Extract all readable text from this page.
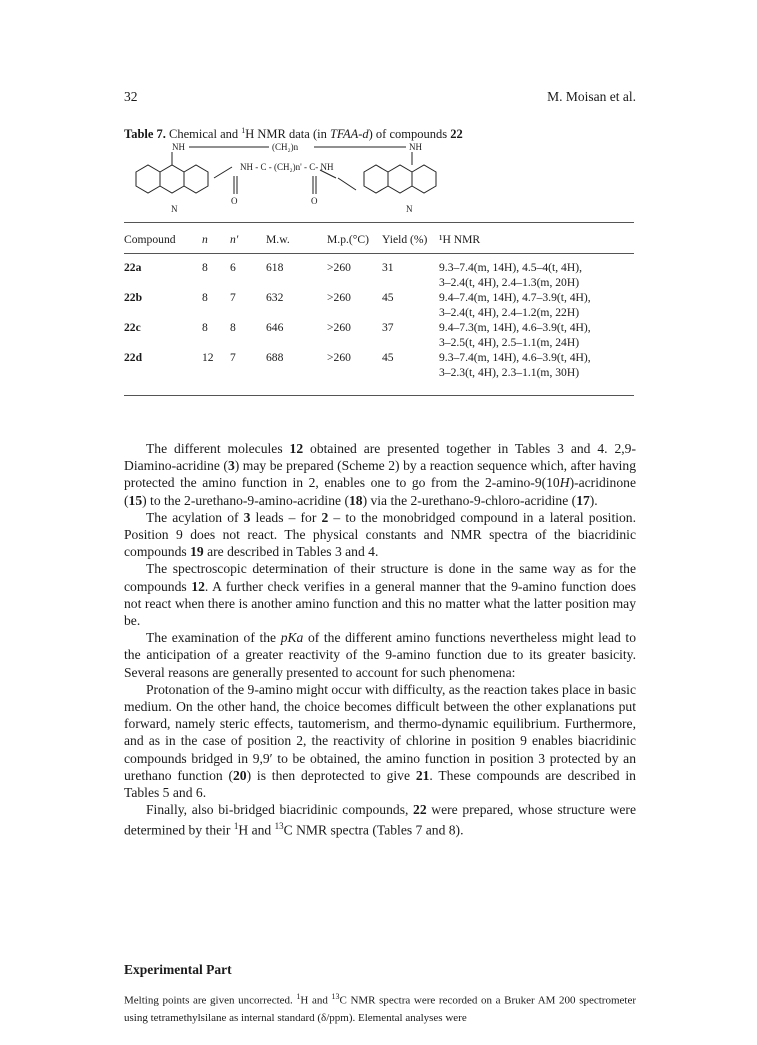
32	M. Moisan et al.
Table 7. Chemical and $^1$H NMR data (in TFAA-d) of compounds 22
NH	NH
(CH₂)n
NH - C - (CH₂)n' - C- NH
O	O
N	N
Compound	n	n'	M.w.	M.p.(°C)	Yield (%)	¹H NMR

22a	8	6	618	>260	31	9.3–7.4(m, 14H), 4.5–4(t, 4H),
3–2.4(t, 4H), 2.4–1.3(m, 20H)

22b	8	7	632	>260	45	9.4–7.4(m, 14H), 4.7–3.9(t, 4H),
3–2.4(t, 4H), 2.4–1.2(m, 22H)

22c	8	8	646	>260	37	9.4–7.3(m, 14H), 4.6–3.9(t, 4H),
3–2.5(t, 4H), 2.5–1.1(m, 24H)

22d	12	7	688	>260	45	9.3–7.4(m, 14H), 4.6–3.9(t, 4H),
3–2.3(t, 4H), 2.3–1.1(m, 30H)

The different molecules 12 obtained are presented together in Tables 3 and 4. 2,9-Diamino-acridine (3) may be prepared (Scheme 2) by a reaction sequence which, after having protected the amino function in 2, enables one to go from the 2-amino-9(10H)-acridinone (15) to the 2-urethano-9-amino-acridine (18) via the 2-urethano-9-chloro-acridine (17).

The acylation of 3 leads – for 2 – to the monobridged compound in a lateral position. Position 9 does not react. The physical constants and NMR spectra of the biacridinic compounds 19 are described in Tables 3 and 4.

The spectroscopic determination of their structure is done in the same way as for the compounds 12. A further check verifies in a general manner that the 9-amino function does not react when there is another amino function and this no matter what the latter position may be.

The examination of the pKa of the different amino functions nevertheless might lead to the anticipation of a greater reactivity of the 9-amino function due to its greater basicity. Several reasons are generally presented to account for such phenomena:

Protonation of the 9-amino might occur with difficulty, as the reaction takes place in basic medium. On the other hand, the choice becomes difficult between the other explanations put forward, namely steric effects, tautomerism, and thermo-dynamic equilibrium. Furthermore, and as in the case of position 2, the reactivity of chlorine in position 9 enables biacridinic compounds bridged in 9,9′ to be obtained, the amino function in position 3 protected by an urethano function (20) is then deprotected to give 21. These compounds are described in Tables 5 and 6.

Finally, also bi-bridged biacridinic compounds, 22 were prepared, whose structure were determined by their $^1$H and $^{13}$C NMR spectra (Tables 7 and 8).

Experimental Part

Melting points are given uncorrected. $^1$H and $^{13}$C NMR spectra were recorded on a Bruker AM 200 spectrometer using tetramethylsilane as internal standard (δ/ppm). Elemental analyses were
